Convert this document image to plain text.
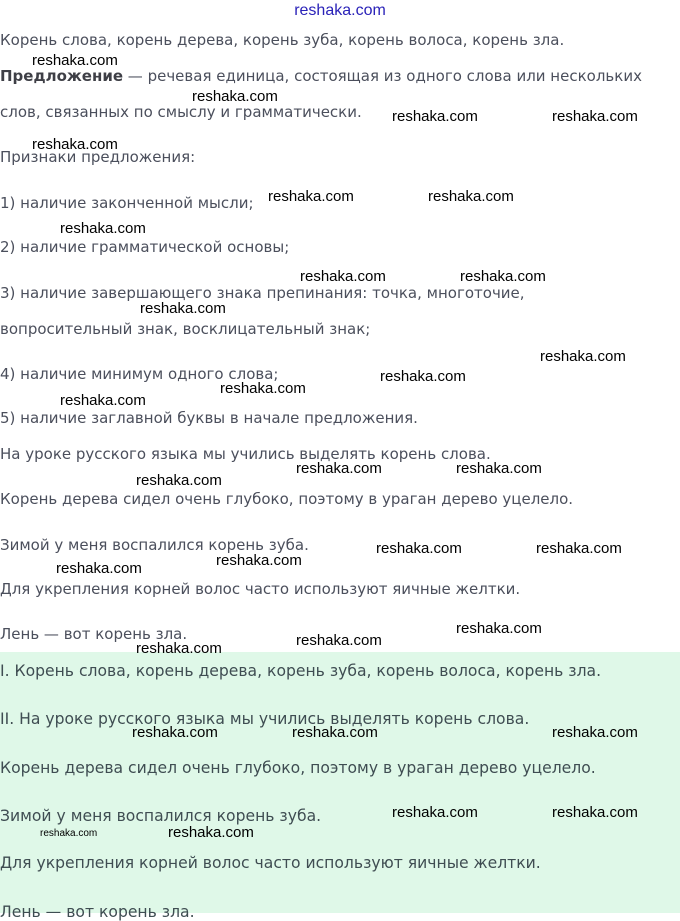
reshaka.com
Корень слова, корень дерева, корень зуба, корень волоса, корень зла.
Предложение — речевая единица, состоящая из одного слова или нескольких
слов, связанных по смыслу и грамматически.
Признаки предложения:
1) наличие законченной мысли;
2) наличие грамматической основы;
3) наличие завершающего знака препинания: точка, многоточие,
вопросительный знак, восклицательный знак;
4) наличие минимум одного слова;
5) наличие заглавной буквы в начале предложения.
На уроке русского языка мы учились выделять корень слова.
Корень дерева сидел очень глубоко, поэтому в ураган дерево уцелело.
Зимой у меня воспалился корень зуба.
Для укрепления корней волос часто используют яичные желтки.
Лень — вот корень зла.
I. Корень слова, корень дерева, корень зуба, корень волоса, корень зла.
II. На уроке русского языка мы учились выделять корень слова.
Корень дерева сидел очень глубоко, поэтому в ураган дерево уцелело.
Зимой у меня воспалился корень зуба.
Для укрепления корней волос часто используют яичные желтки.
Лень — вот корень зла.
reshaka.com
reshaka.com
reshaka.com	reshaka.com
reshaka.com
reshaka.com	reshaka.com
reshaka.com
reshaka.com	reshaka.com
reshaka.com
reshaka.com
reshaka.com
reshaka.com
reshaka.com
reshaka.com	reshaka.com
reshaka.com
reshaka.com	reshaka.com
reshaka.com
reshaka.com
reshaka.com
reshaka.com
reshaka.com
reshaka.com	reshaka.com	reshaka.com
reshaka.com	reshaka.com
reshaka.com
reshaka.com
